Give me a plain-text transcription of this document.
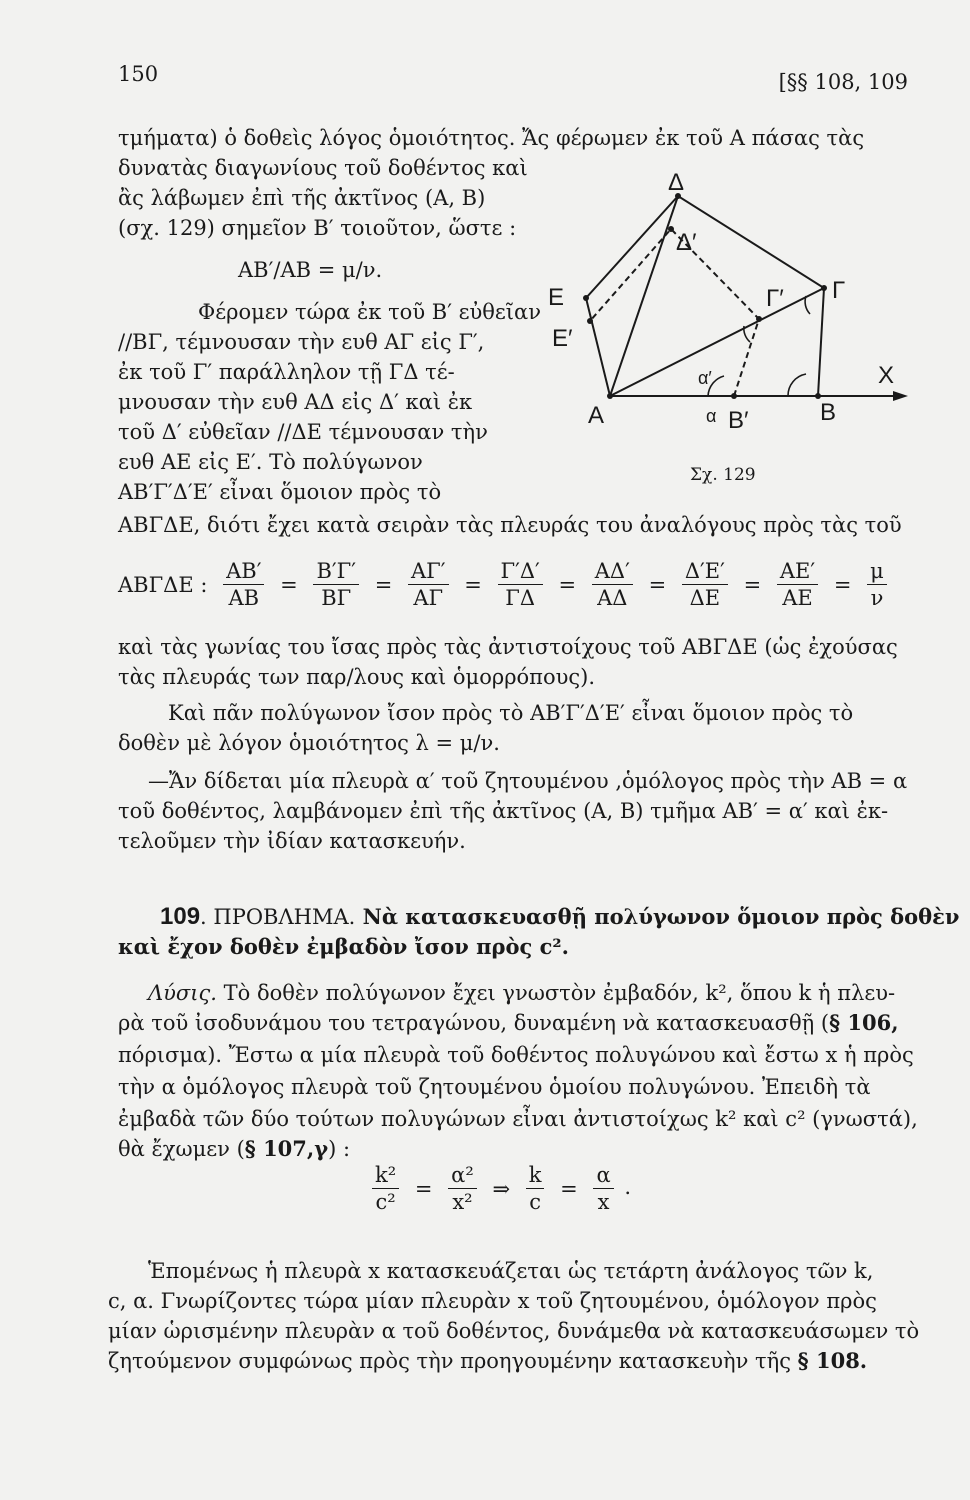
150	[§§ 108, 109
τμήματα) ὁ δοθεὶς λόγος ὁμοιότητος. Ἄς φέρωμεν ἐκ τοῦ Α πάσας τὰς
δυνατὰς διαγωνίους τοῦ δοθέντος καὶ
ἂς λάβωμεν ἐπὶ τῆς ἀκτῖνος (Α, Β)
(σχ. 129) σημεῖον Β′ τοιοῦτον, ὥστε :
ΑΒ′/ΑΒ = μ/ν.
Φέρομεν τώρα ἐκ τοῦ Β′ εὐθεῖαν
//ΒΓ, τέμνουσαν τὴν ευθ ΑΓ εἰς Γ′,
ἐκ τοῦ Γ′ παράλληλον τῇ ΓΔ τέ-
μνουσαν τὴν ευθ ΑΔ εἰς Δ′ καὶ ἐκ
τοῦ Δ′ εὐθεῖαν //ΔΕ τέμνουσαν τὴν
ευθ ΑΕ εἰς Ε′. Τὸ πολύγωνον
ΑΒ′Γ′Δ′Ε′ εἶναι ὅμοιον πρὸς τὸ
ΑΒΓΔΕ, διότι ἔχει κατὰ σειρὰν τὰς πλευράς του ἀναλόγους πρὸς τὰς τοῦ
Α	Β
Β′
Γ
Γ′
Δ
Δ′
Ε
Ε′
Χ
α
α′
Σχ. 129
ΑΒΓΔΕ : $\frac{AB'}{AB} = \frac{B'\Gamma'}{B\Gamma} = \frac{A\Gamma'}{A\Gamma} = \frac{\Gamma'\Delta'}{\Gamma\Delta} = \frac{A\Delta'}{A\Delta} = \frac{\Delta'E'}{\Delta E} = \frac{AE'}{AE} = \frac{\mu}{\nu}$
καὶ τὰς γωνίας του ἴσας πρὸς τὰς ἀντιστοίχους τοῦ ΑΒΓΔΕ (ὡς ἐχούσας
τὰς πλευράς των παρ/λους καὶ ὁμορρόπους).
Καὶ πᾶν πολύγωνον ἴσον πρὸς τὸ ΑΒ′Γ′Δ′Ε′ εἶναι ὅμοιον πρὸς τὸ
δοθὲν μὲ λόγον ὁμοιότητος λ = μ/ν.
—Ἄν δίδεται μία πλευρὰ α′ τοῦ ζητουμένου ,ὁμόλογος πρὸς τὴν ΑΒ = α
τοῦ δοθέντος, λαμβάνομεν ἐπὶ τῆς ἀκτῖνος (Α, Β) τμῆμα ΑΒ′ = α′ καὶ ἐκ-
τελοῦμεν τὴν ἰδίαν κατασκευήν.
109. ΠΡΟΒΛΗΜΑ. Νὰ κατασκευασθῇ πολύγωνον ὅμοιον πρὸς δοθὲν
καὶ ἔχον δοθὲν ἐμβαδὸν ἴσον πρὸς c².
Λύσις. Τὸ δοθὲν πολύγωνον ἔχει γνωστὸν ἐμβαδόν, k², ὅπου k ἡ πλευ-
ρὰ τοῦ ἰσοδυνάμου του τετραγώνου, δυναμένη νὰ κατασκευασθῇ (§ 106,
πόρισμα). Ἔστω α μία πλευρὰ τοῦ δοθέντος πολυγώνου καὶ ἔστω x ἡ πρὸς
τὴν α ὁμόλογος πλευρὰ τοῦ ζητουμένου ὁμοίου πολυγώνου. Ἐπειδὴ τὰ
ἐμβαδὰ τῶν δύο τούτων πολυγώνων εἶναι ἀντιστοίχως k² καὶ c² (γνωστά),
θὰ ἔχωμεν (§ 107,γ) :
$\frac{\text{k²}}{\text{c²}} = \frac{\text{α²}}{\text{x²}}$ ⇒ $\frac{k}{c} = \frac{\alpha}{x}$ .
Ἑπομένως ἡ πλευρὰ x κατασκευάζεται ὡς τετάρτη ἀνάλογος τῶν k,
c, α. Γνωρίζοντες τώρα μίαν πλευρὰν x τοῦ ζητουμένου, ὁμόλογον πρὸς
μίαν ὡρισμένην πλευρὰν α τοῦ δοθέντος, δυνάμεθα νὰ κατασκευάσωμεν τὸ
ζητούμενον συμφώνως πρὸς τὴν προηγουμένην κατασκευὴν τῆς § 108.
